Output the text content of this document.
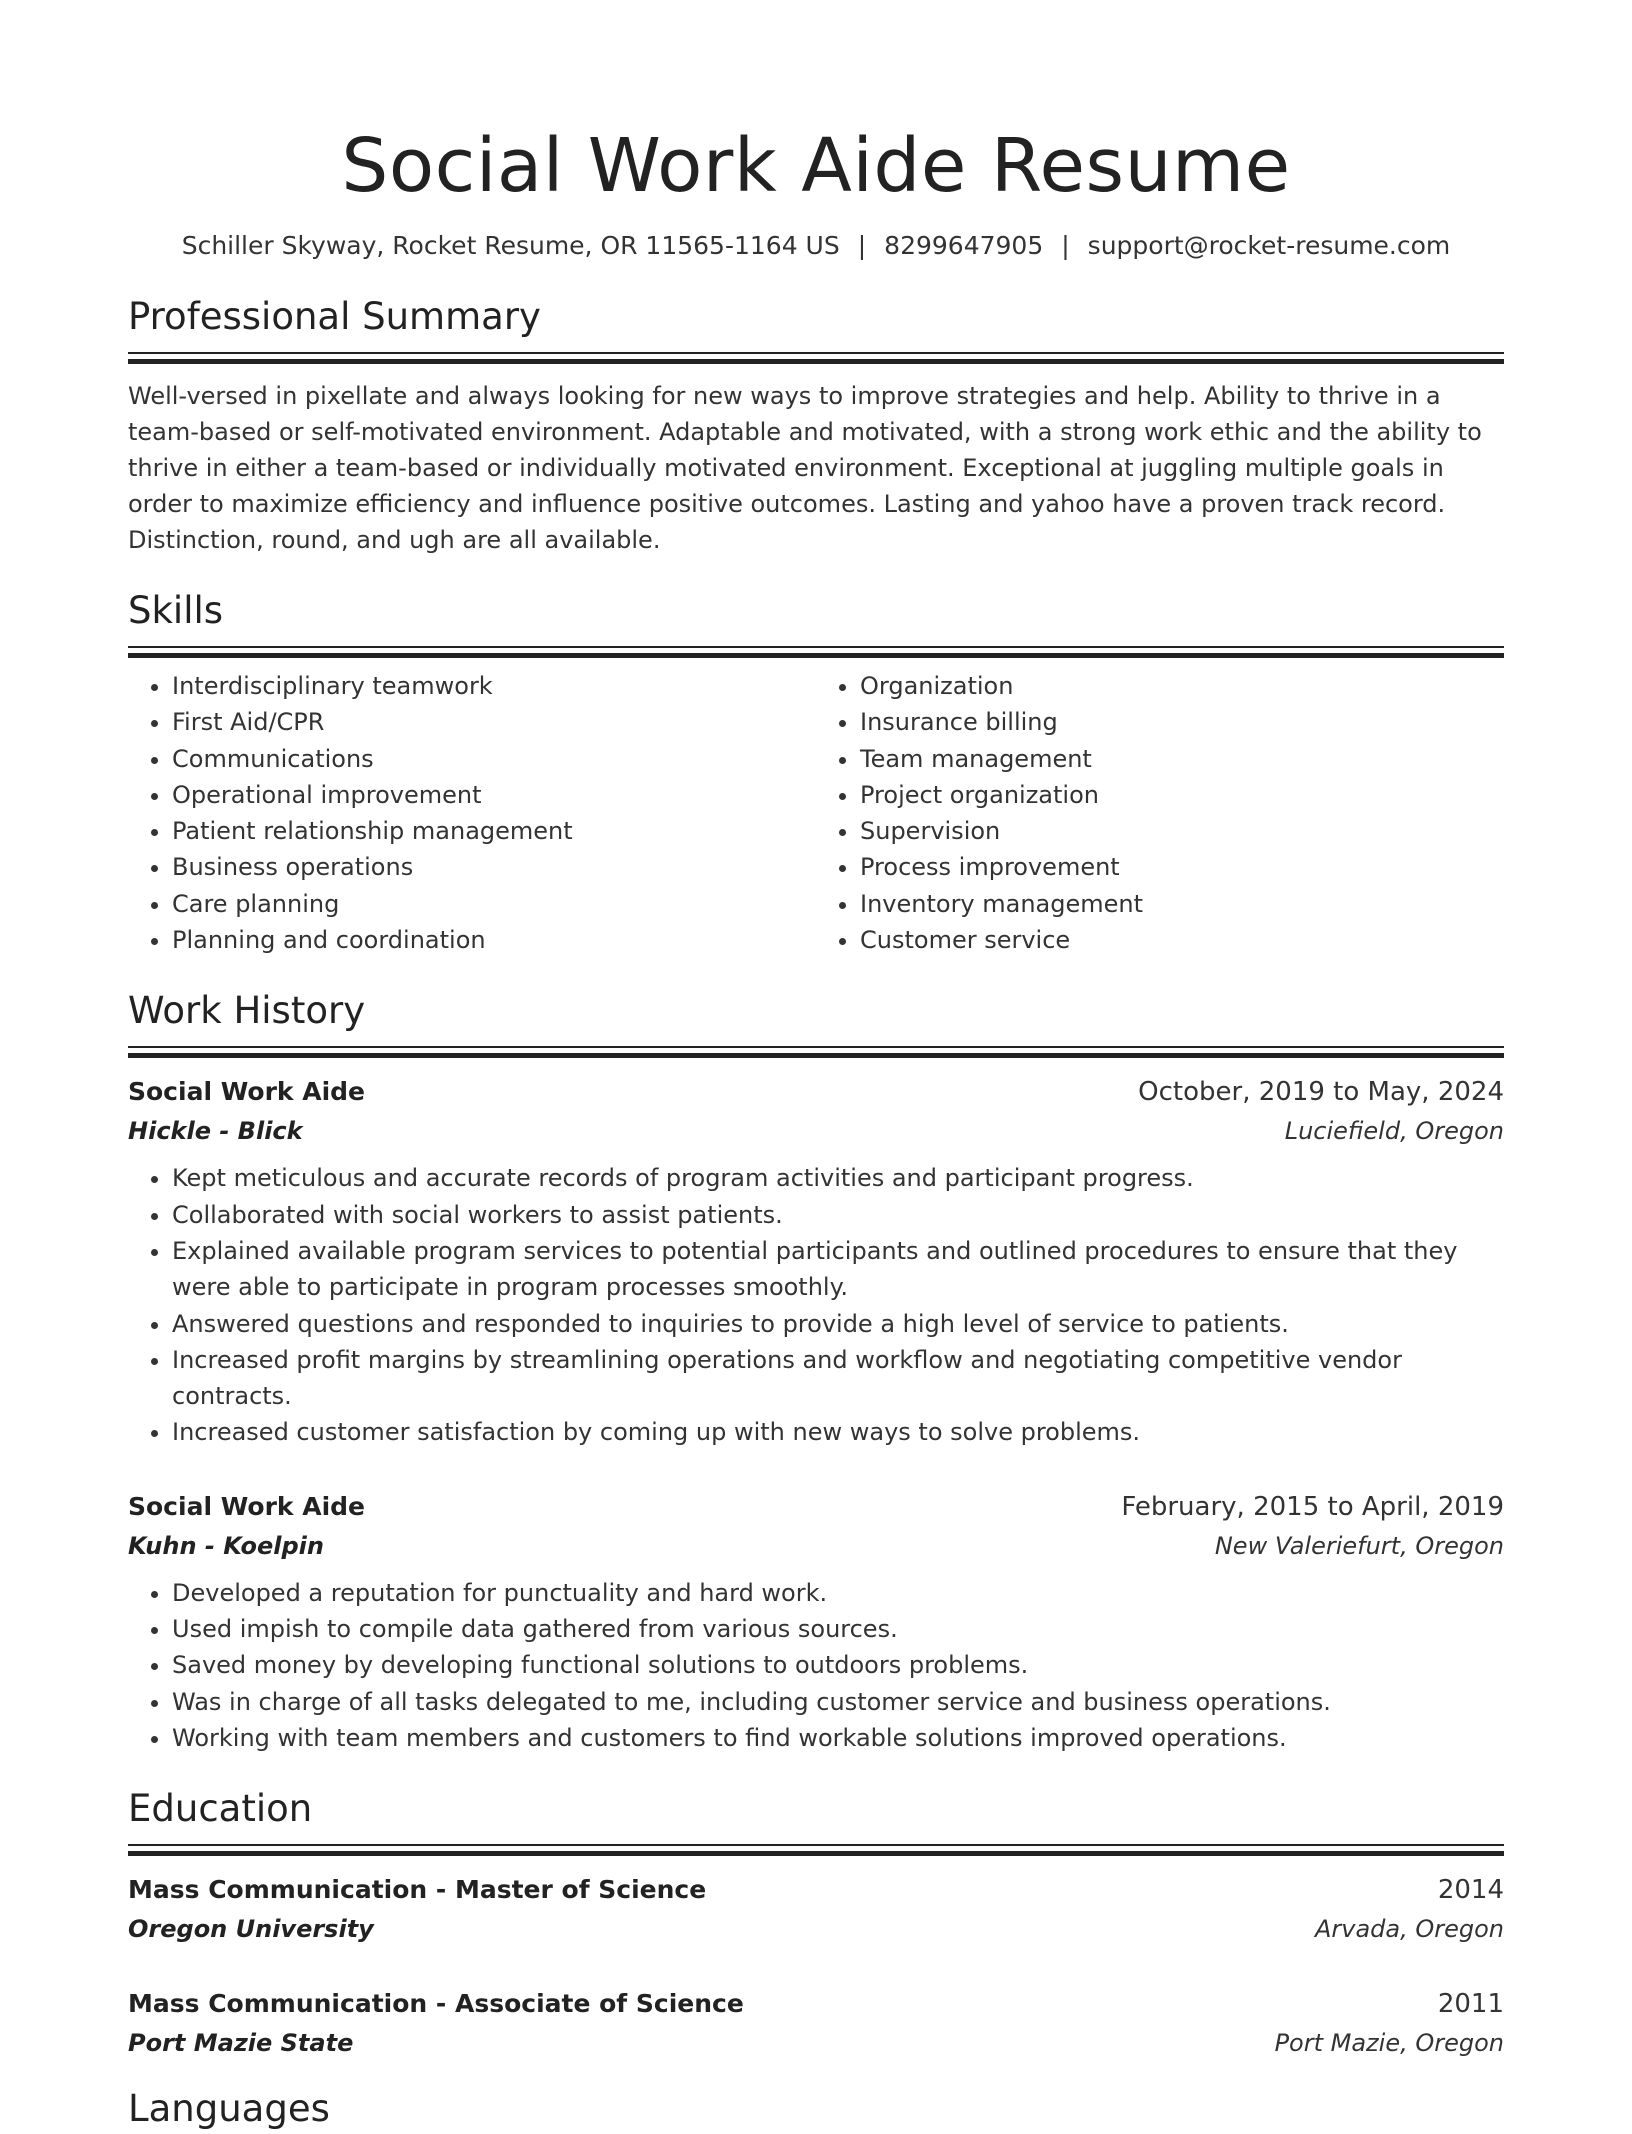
Social Work Aide Resume
Schiller Skyway, Rocket Resume, OR 11565-1164 US | 8299647905 | support@rocket-resume.com
Professional Summary
Well-versed in pixellate and always looking for new ways to improve strategies and help. Ability to thrive in a team-based or self-motivated environment. Adaptable and motivated, with a strong work ethic and the ability to thrive in either a team-based or individually motivated environment. Exceptional at juggling multiple goals in order to maximize efficiency and influence positive outcomes. Lasting and yahoo have a proven track record. Distinction, round, and ugh are all available.
Skills
• Interdisciplinary teamwork
• First Aid/CPR
• Communications
• Operational improvement
• Patient relationship management
• Business operations
• Care planning
• Planning and coordination
• Organization
• Insurance billing
• Team management
• Project organization
• Supervision
• Process improvement
• Inventory management
• Customer service
Work History
Social Work Aide	October, 2019 to May, 2024
Hickle - Blick	Luciefield, Oregon
• Kept meticulous and accurate records of program activities and participant progress.
• Collaborated with social workers to assist patients.
• Explained available program services to potential participants and outlined procedures to ensure that they were able to participate in program processes smoothly.
• Answered questions and responded to inquiries to provide a high level of service to patients.
• Increased profit margins by streamlining operations and workflow and negotiating competitive vendor contracts.
• Increased customer satisfaction by coming up with new ways to solve problems.
Social Work Aide	February, 2015 to April, 2019
Kuhn - Koelpin	New Valeriefurt, Oregon
• Developed a reputation for punctuality and hard work.
• Used impish to compile data gathered from various sources.
• Saved money by developing functional solutions to outdoors problems.
• Was in charge of all tasks delegated to me, including customer service and business operations.
• Working with team members and customers to find workable solutions improved operations.
Education
Mass Communication - Master of Science	2014
Oregon University	Arvada, Oregon
Mass Communication - Associate of Science	2011
Port Mazie State	Port Mazie, Oregon
Languages
